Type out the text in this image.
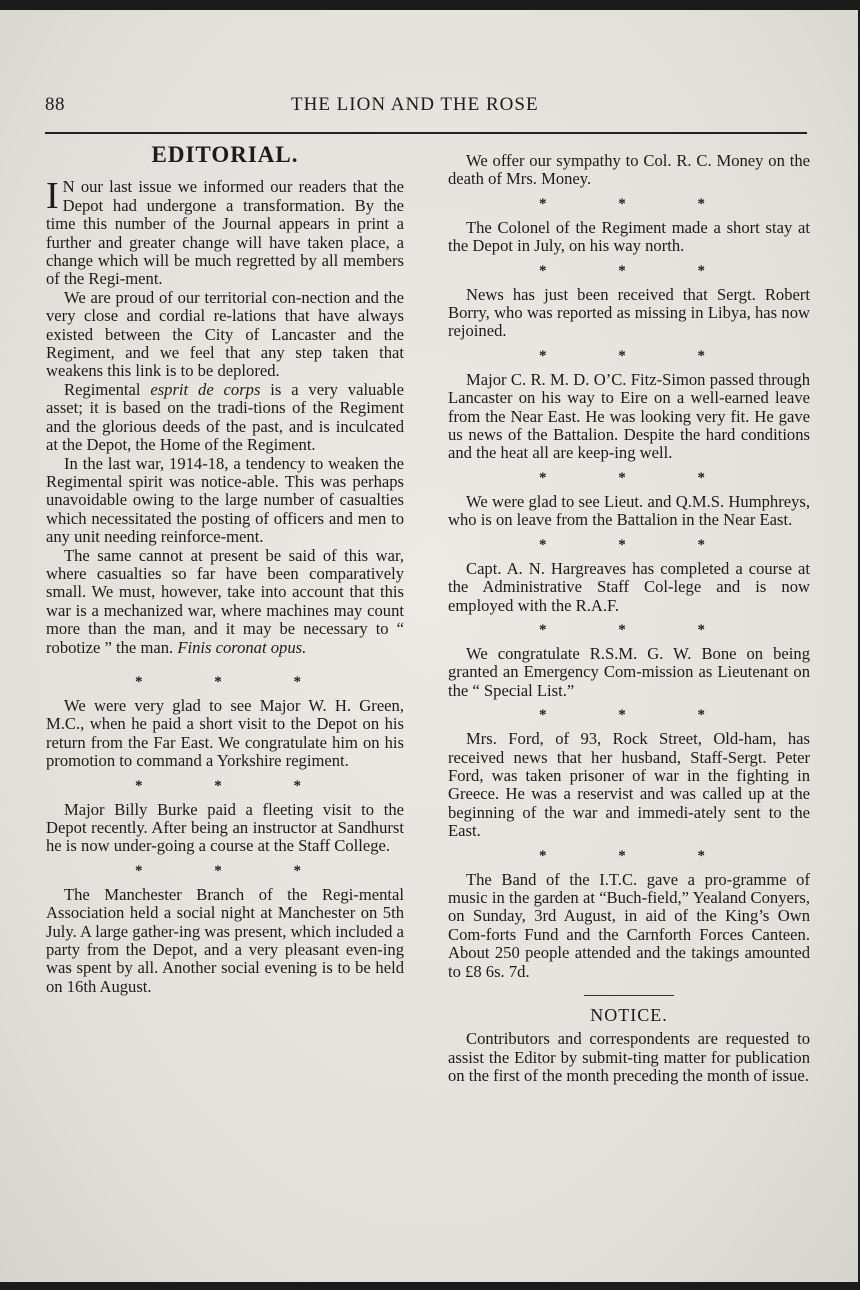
88	THE LION AND THE ROSE
EDITORIAL.

I N our last issue we informed our readers that the Depot had undergone a transformation. By the time this number of the Journal appears in print a further and greater change will have taken place, a change which will be much regretted by all members of the Regi-ment.

We are proud of our territorial con-nection and the very close and cordial re-lations that have always existed between the City of Lancaster and the Regiment, and we feel that any step taken that weakens this link is to be deplored.

Regimental esprit de corps is a very valuable asset; it is based on the tradi-tions of the Regiment and the glorious deeds of the past, and is inculcated at the Depot, the Home of the Regiment.

In the last war, 1914-18, a tendency to weaken the Regimental spirit was notice-able. This was perhaps unavoidable owing to the large number of casualties which necessitated the posting of officers and men to any unit needing reinforce-ment.

The same cannot at present be said of this war, where casualties so far have been comparatively small. We must, however, take into account that this war is a mechanized war, where machines may count more than the man, and it may be necessary to “ robotize ” the man. Finis coronat opus.

* * *

We were very glad to see Major W. H. Green, M.C., when he paid a short visit to the Depot on his return from the Far East. We congratulate him on his promotion to command a Yorkshire regiment.

* * *

Major Billy Burke paid a fleeting visit to the Depot recently. After being an instructor at Sandhurst he is now under-going a course at the Staff College.

* * *

The Manchester Branch of the Regi-mental Association held a social night at Manchester on 5th July. A large gather-ing was present, which included a party from the Depot, and a very pleasant even-ing was spent by all. Another social evening is to be held on 16th August.

We offer our sympathy to Col. R. C. Money on the death of Mrs. Money.

* * *

The Colonel of the Regiment made a short stay at the Depot in July, on his way north.

* * *

News has just been received that Sergt. Robert Borry, who was reported as missing in Libya, has now rejoined.

* * *

Major C. R. M. D. O’C. Fitz-Simon passed through Lancaster on his way to Eire on a well-earned leave from the Near East. He was looking very fit. He gave us news of the Battalion. Despite the hard conditions and the heat all are keep-ing well.

* * *

We were glad to see Lieut. and Q.M.S. Humphreys, who is on leave from the Battalion in the Near East.

* * *

Capt. A. N. Hargreaves has completed a course at the Administrative Staff Col-lege and is now employed with the R.A.F.

* * *

We congratulate R.S.M. G. W. Bone on being granted an Emergency Com-mission as Lieutenant on the “ Special List.”

* * *

Mrs. Ford, of 93, Rock Street, Old-ham, has received news that her husband, Staff-Sergt. Peter Ford, was taken prisoner of war in the fighting in Greece. He was a reservist and was called up at the beginning of the war and immedi-ately sent to the East.

* * *

The Band of the I.T.C. gave a pro-gramme of music in the garden at “Buch-field,” Yealand Conyers, on Sunday, 3rd August, in aid of the King’s Own Com-forts Fund and the Carnforth Forces Canteen. About 250 people attended and the takings amounted to £8 6s. 7d.

NOTICE.

Contributors and correspondents are requested to assist the Editor by submit-ting matter for publication on the first of the month preceding the month of issue.
